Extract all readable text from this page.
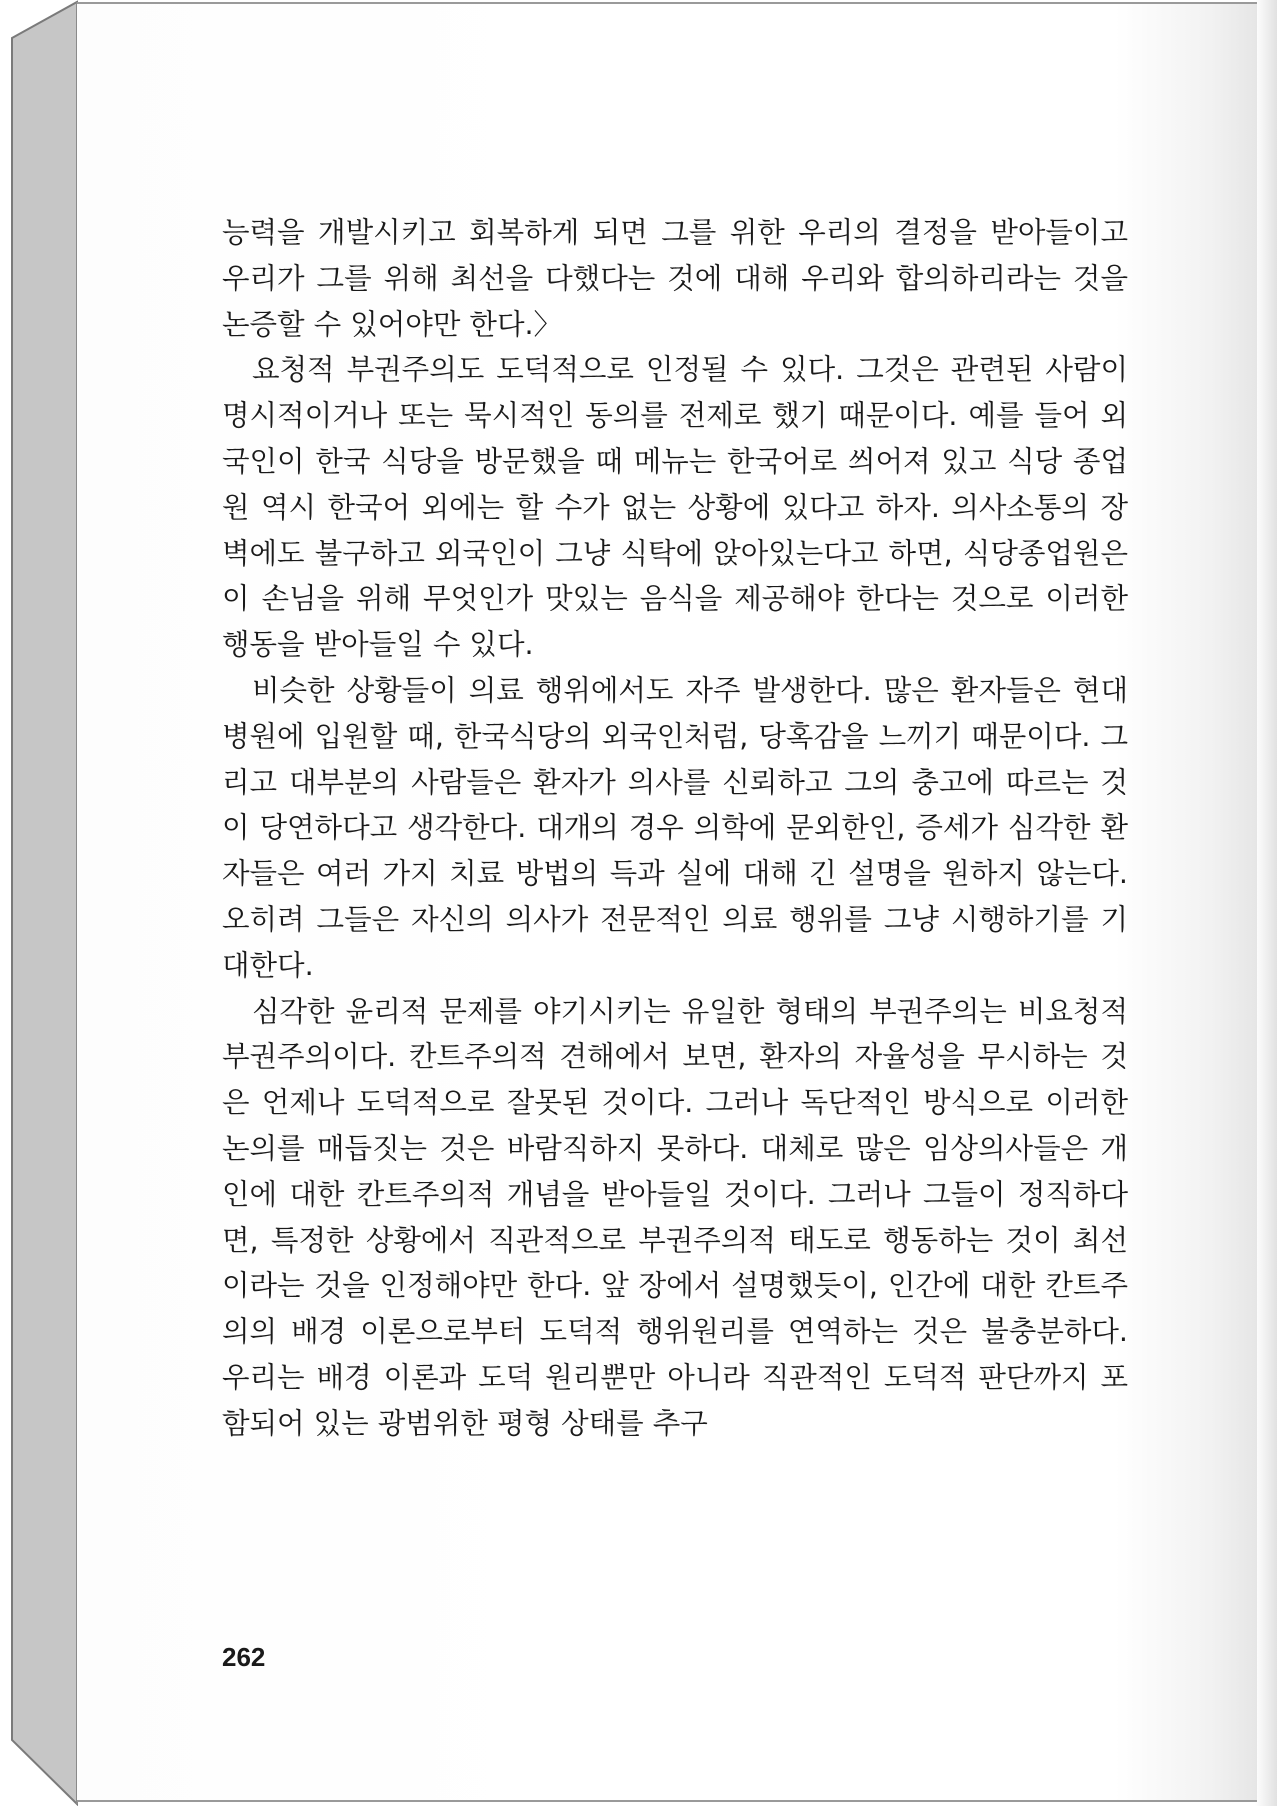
능력을 개발시키고 회복하게 되면 그를 위한 우리의 결정을 받아들이고 우리가 그를 위해 최선을 다했다는 것에 대해 우리와 합의하리라는 것을 논증할 수 있어야만 한다.〉

요청적 부권주의도 도덕적으로 인정될 수 있다. 그것은 관련된 사람이 명시적이거나 또는 묵시적인 동의를 전제로 했기 때문이다. 예를 들어 외국인이 한국 식당을 방문했을 때 메뉴는 한국어로 씌어져 있고 식당 종업원 역시 한국어 외에는 할 수가 없는 상황에 있다고 하자. 의사소통의 장벽에도 불구하고 외국인이 그냥 식탁에 앉아있는다고 하면, 식당종업원은 이 손님을 위해 무엇인가 맛있는 음식을 제공해야 한다는 것으로 이러한 행동을 받아들일 수 있다.

비슷한 상황들이 의료 행위에서도 자주 발생한다. 많은 환자들은 현대 병원에 입원할 때, 한국식당의 외국인처럼, 당혹감을 느끼기 때문이다. 그리고 대부분의 사람들은 환자가 의사를 신뢰하고 그의 충고에 따르는 것이 당연하다고 생각한다. 대개의 경우 의학에 문외한인, 증세가 심각한 환자들은 여러 가지 치료 방법의 득과 실에 대해 긴 설명을 원하지 않는다. 오히려 그들은 자신의 의사가 전문적인 의료 행위를 그냥 시행하기를 기대한다.

심각한 윤리적 문제를 야기시키는 유일한 형태의 부권주의는 비요청적 부권주의이다. 칸트주의적 견해에서 보면, 환자의 자율성을 무시하는 것은 언제나 도덕적으로 잘못된 것이다. 그러나 독단적인 방식으로 이러한 논의를 매듭짓는 것은 바람직하지 못하다. 대체로 많은 임상의사들은 개인에 대한 칸트주의적 개념을 받아들일 것이다. 그러나 그들이 정직하다면, 특정한 상황에서 직관적으로 부권주의적 태도로 행동하는 것이 최선이라는 것을 인정해야만 한다. 앞 장에서 설명했듯이, 인간에 대한 칸트주의의 배경 이론으로부터 도덕적 행위원리를 연역하는 것은 불충분하다. 우리는 배경 이론과 도덕 원리뿐만 아니라 직관적인 도덕적 판단까지 포함되어 있는 광범위한 평형 상태를 추구

262
